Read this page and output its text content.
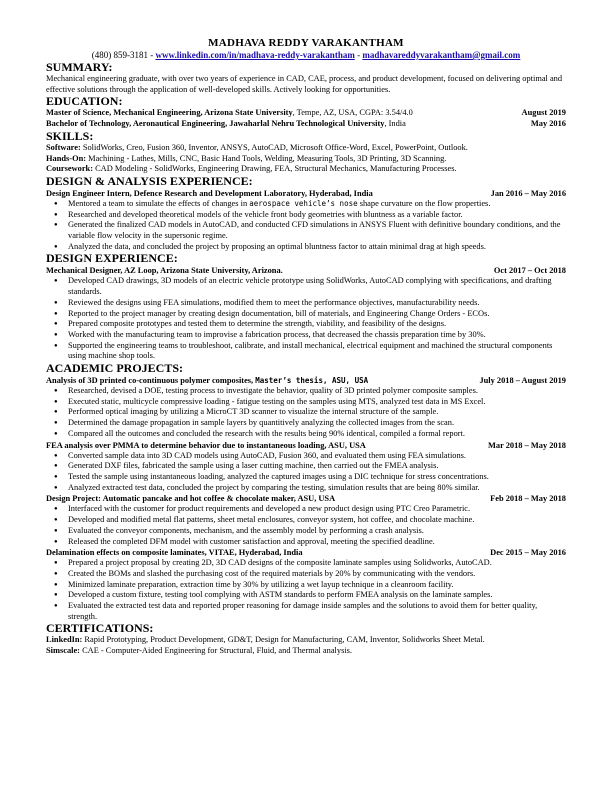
MADHAVA REDDY VARAKANTHAM
(480) 859-3181 - www.linkedin.com/in/madhava-reddy-varakantham - madhavareddyvarakantham@gmail.com
SUMMARY:
Mechanical engineering graduate, with over two years of experience in CAD, CAE, process, and product development, focused on delivering optimal and effective solutions through the application of well-developed skills. Actively looking for opportunities.
EDUCATION:
Master of Science, Mechanical Engineering, Arizona State University, Tempe, AZ, USA, CGPA: 3.54/4.0	August 2019
Bachelor of Technology, Aeronautical Engineering, Jawaharlal Nehru Technological University, India	May 2016
SKILLS:
Software: SolidWorks, Creo, Fusion 360, Inventor, ANSYS, AutoCAD, Microsoft Office-Word, Excel, PowerPoint, Outlook.
Hands-On: Machining - Lathes, Mills, CNC, Basic Hand Tools, Welding, Measuring Tools, 3D Printing, 3D Scanning.
Coursework: CAD Modeling - SolidWorks, Engineering Drawing, FEA, Structural Mechanics, Manufacturing Processes.
DESIGN & ANALYSIS EXPERIENCE:
Design Engineer Intern, Defence Research and Development Laboratory, Hyderabad, India	Jan 2016 – May 2016
● Mentored a team to simulate the effects of changes in aerospace vehicle’s nose shape curvature on the flow properties.
● Researched and developed theoretical models of the vehicle front body geometries with bluntness as a variable factor.
● Generated the finalized CAD models in AutoCAD, and conducted CFD simulations in ANSYS Fluent with definitive boundary conditions, and the variable flow velocity in the supersonic regime.
● Analyzed the data, and concluded the project by proposing an optimal bluntness factor to attain minimal drag at high speeds.
DESIGN EXPERIENCE:
Mechanical Designer, AZ Loop, Arizona State University, Arizona.	Oct 2017 – Oct 2018
● Developed CAD drawings, 3D models of an electric vehicle prototype using SolidWorks, AutoCAD complying with specifications, and drafting standards.
● Reviewed the designs using FEA simulations, modified them to meet the performance objectives, manufacturability needs.
● Reported to the project manager by creating design documentation, bill of materials, and Engineering Change Orders - ECOs.
● Prepared composite prototypes and tested them to determine the strength, viability, and feasibility of the designs.
● Worked with the manufacturing team to improvise a fabrication process, that decreased the chassis preparation time by 30%.
● Supported the engineering teams to troubleshoot, calibrate, and install mechanical, electrical equipment and machined the structural components using machine shop tools.
ACADEMIC PROJECTS:
Analysis of 3D printed co-continuous polymer composites, Master’s thesis, ASU, USA	July 2018 – August 2019
● Researched, devised a DOE, testing process to investigate the behavior, quality of 3D printed polymer composite samples.
● Executed static, multicycle compressive loading - fatigue testing on the samples using MTS, analyzed test data in MS Excel.
● Performed optical imaging by utilizing a MicroCT 3D scanner to visualize the internal structure of the sample.
● Determined the damage propagation in sample layers by quantitively analyzing the collected images from the scan.
● Compared all the outcomes and concluded the research with the results being 90% identical, compiled a formal report.
FEA analysis over PMMA to determine behavior due to instantaneous loading, ASU, USA	Mar 2018 – May 2018
● Converted sample data into 3D CAD models using AutoCAD, Fusion 360, and evaluated them using FEA simulations.
● Generated DXF files, fabricated the sample using a laser cutting machine, then carried out the FMEA analysis.
● Tested the sample using instantaneous loading, analyzed the captured images using a DIC technique for stress concentrations.
● Analyzed extracted test data, concluded the project by comparing the testing, simulation results that are being 80% similar.
Design Project: Automatic pancake and hot coffee & chocolate maker, ASU, USA	Feb 2018 – May 2018
● Interfaced with the customer for product requirements and developed a new product design using PTC Creo Parametric.
● Developed and modified metal flat patterns, sheet metal enclosures, conveyor system, hot coffee, and chocolate machine.
● Evaluated the conveyor components, mechanism, and the assembly model by performing a crash analysis.
● Released the completed DFM model with customer satisfaction and approval, meeting the specified deadline.
Delamination effects on composite laminates, VITAE, Hyderabad, India	Dec 2015 – May 2016
● Prepared a project proposal by creating 2D, 3D CAD designs of the composite laminate samples using Solidworks, AutoCAD.
● Created the BOMs and slashed the purchasing cost of the required materials by 20% by communicating with the vendors.
● Minimized laminate preparation, extraction time by 30% by utilizing a wet layup technique in a cleanroom facility.
● Developed a custom fixture, testing tool complying with ASTM standards to perform FMEA analysis on the laminate samples.
● Evaluated the extracted test data and reported proper reasoning for damage inside samples and the solutions to avoid them for better quality, strength.
CERTIFICATIONS:
LinkedIn: Rapid Prototyping, Product Development, GD&T, Design for Manufacturing, CAM, Inventor, Solidworks Sheet Metal.
Simscale: CAE - Computer-Aided Engineering for Structural, Fluid, and Thermal analysis.
